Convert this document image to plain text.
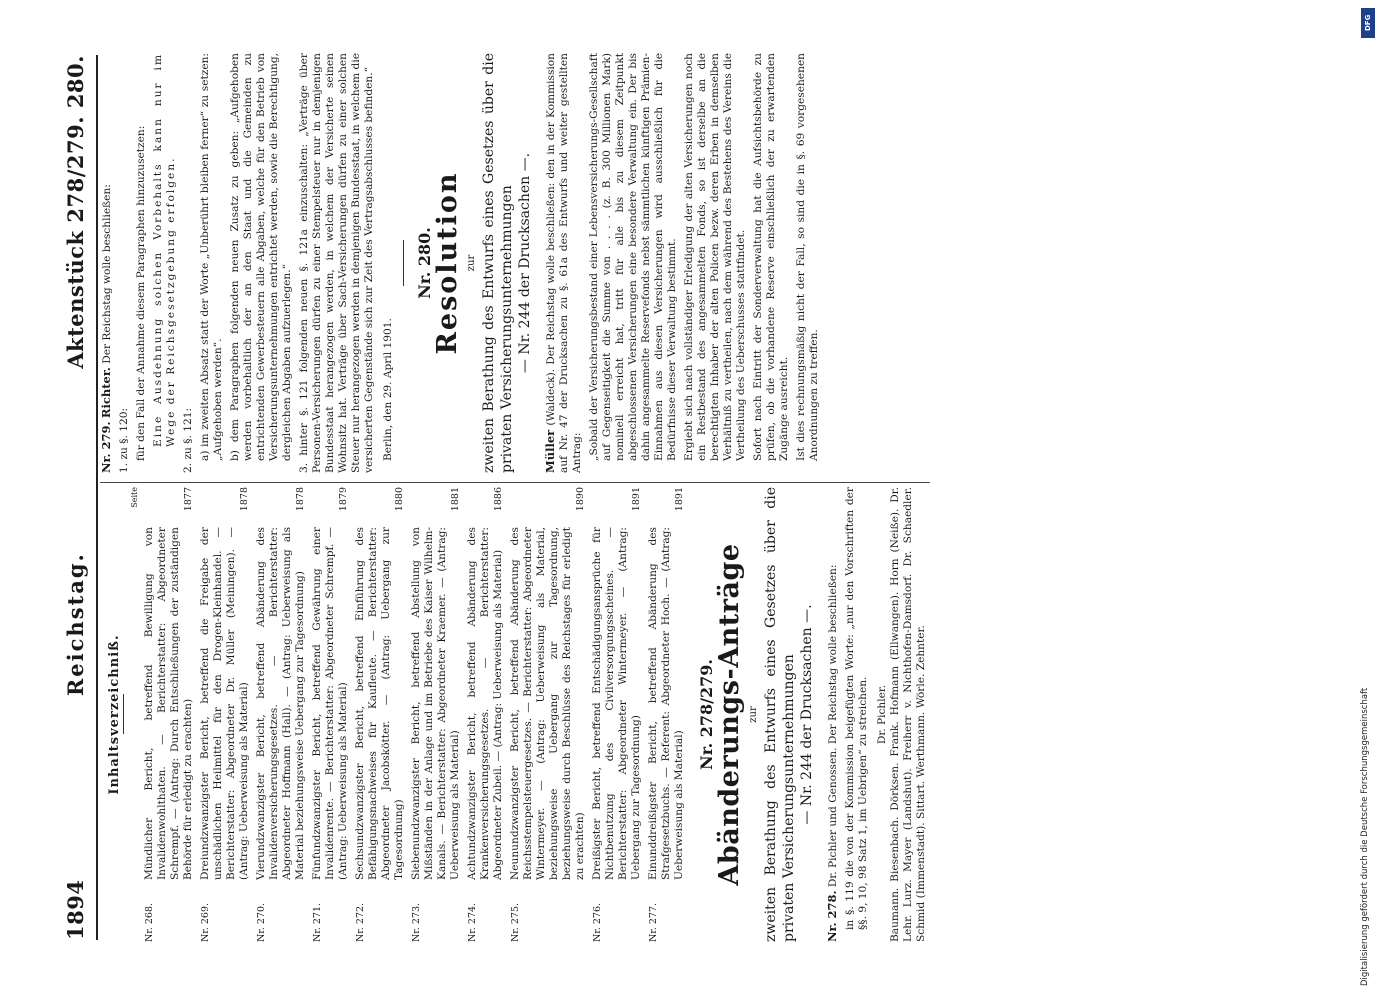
1894
Reichstag.
Aktenstück 278/279. 280.
Inhaltsverzeichniß.
Seite
Nr. 268.
Mündlicher Bericht, betreffend Bewilligung von Invalidenwohlthaten. — Berichterstatter: Abgeordneter Schrempf. — (Antrag: Durch Entschließungen der zuständigen Behörde für erledigt zu erachten)
1877
Nr. 269.
Dreiundzwanzigster Bericht, betreffend die Freigabe der unschädlichen Heilmittel für den Drogen-Kleinhandel. — Berichterstatter: Abgeordneter Dr. Müller (Meiningen). — (Antrag: Ueberweisung als Material)
1878
Nr. 270.
Vierundzwanzigster Bericht, betreffend Abänderung des Invalidenversicherungsgesetzes. — Berichterstatter: Abgeordneter Hoffmann (Hall). — (Antrag: Ueberweisung als Material beziehungsweise Uebergang zur Tagesordnung)
1878
Nr. 271.
Fünfundzwanzigster Bericht, betreffend Gewährung einer Invalidenrente. — Berichterstatter: Abgeordneter Schrempf. — (Antrag: Ueberweisung als Material)
1879
Nr. 272.
Sechsundzwanzigster Bericht, betreffend Einführung des Befähigungsnachweises für Kaufleute. — Berichterstatter: Abgeordneter Jacobskötter. — (Antrag: Uebergang zur Tagesordnung)
1880
Nr. 273.
Siebenundzwanzigster Bericht, betreffend Abstellung von Mißständen in der Anlage und im Betriebe des Kaiser Wilhelm-Kanals. — Berichterstatter: Abgeordneter Kraemer. — (Antrag: Ueberweisung als Material)
1881
Nr. 274.
Achtundzwanzigster Bericht, betreffend Abänderung des Krankenversicherungsgesetzes. — Berichterstatter: Abgeordneter Zubeil. — (Antrag: Ueberweisung als Material)
1886
Nr. 275.
Neunundzwanzigster Bericht, betreffend Abänderung des Reichsstempelsteuergesetzes. — Berichterstatter: Abgeordneter Wintermeyer. — (Antrag: Ueberweisung als Material, beziehungsweise Uebergang zur Tagesordnung, beziehungsweise durch Beschlüsse des Reichstages für erledigt zu erachten)
1890
Nr. 276.
Dreißigster Bericht, betreffend Entschädigungsansprüche für Nichtbenutzung des Civilversorgungsscheines. — Berichterstatter: Abgeordneter Wintermeyer. — (Antrag: Uebergang zur Tagesordnung)
1891
Nr. 277.
Einunddreißigster Bericht, betreffend Abänderung des Strafgesetzbuchs. — Referent: Abgeordneter Hoch. — (Antrag: Ueberweisung als Material)
1891
Nr. 278/279.
Abänderungs-Anträge zur zweiten Berathung des Entwurfs eines Gesetzes über die privaten Versicherungsunternehmungen — Nr. 244 der Drucksachen —.
Nr. 278. Dr. Pichler und Genossen. Der Reichstag wolle beschließen: in §. 119 die von der Kommission beigefügten Worte: „nur den Vorschriften der §§. 9, 10, 98 Satz 1, im Uebrigen“ zu streichen. Dr. Pichler. Baumann. Biesenbach. Dörksen. Frank. Hofmann (Ellwangen). Horn (Neiße). Dr. Lehr. Lurz. Mayer (Landshut). Freiherr v. Nichthofen-Damsdorf. Dr. Schaedler. Schmid (Immenstadt). Sittart. Werthmann. Wörle. Zehnter.
Nr. 279. Richter. Der Reichstag wolle beschließen:
1. zu §. 120: für den Fall der Annahme diesem Paragraphen hinzuzusetzen: Eine Ausdehnung solchen Vorbehalts kann nur im Wege der Reichsgesetzgebung erfolgen. 2. zu §. 121: a) im zweiten Absatz statt der Worte „Unberührt bleiben ferner“ zu setzen: „Aufgehoben werden“. b) dem Paragraphen folgenden neuen Zusatz zu geben: „Aufgehoben werden vorbehaltlich der an den Staat und die Gemeinden zu entrichtenden Gewerbesteuern alle Abgaben, welche für den Betrieb von Versicherungsunternehmungen entrichtet werden, sowie die Berechtigung, dergleichen Abgaben aufzuerlegen.“ 3. hinter §. 121 folgenden neuen §. 121a einzuschalten: „Verträge über Personen-Versicherungen dürfen zu einer Stempelsteuer nur in demjenigen Bundesstaat herangezogen werden, in welchem der Versicherte seinen Wohnsitz hat. Verträge über Sach-Versicherungen dürfen zu einer solchen Steuer nur herangezogen werden in demjenigen Bundesstaat, in welchem die versicherten Gegenstände sich zur Zeit des Vertragsabschlusses befinden.“ Berlin, den 29. April 1901.
Nr. 280.
Resolution zur zweiten Berathung des Entwurfs eines Gesetzes über die privaten Versicherungsunternehmungen — Nr. 244 der Drucksachen —.
Müller (Waldeck). Der Reichstag wolle beschließen: den in der Kommission auf Nr. 47 der Drucksachen zu §. 61a des Entwurfs und weiter gestellten Antrag: „Sobald der Versicherungsbestand einer Lebensversicherungs-Gesellschaft auf Gegenseitigkeit die Summe von . . . . (z. B. 300 Millionen Mark) nominell erreicht hat, tritt für alle bis zu diesem Zeitpunkt abgeschlossenen Versicherungen eine besondere Verwaltung ein. Der bis dahin angesammelte Reservefonds nebst sämmtlichen künftigen Prämien-Einnahmen aus diesen Versicherungen wird ausschließlich für die Bedürfnisse dieser Verwaltung bestimmt. Ergiebt sich nach vollständiger Erledigung der alten Versicherungen noch ein Restbestand des angesammelten Fonds, so ist derselbe an die berechtigten Inhaber der alten Policen bezw. deren Erben in demselben Verhältniß zu vertheilen, nach dem während des Bestehens des Vereins die Vertheilung des Ueberschusses stattfindet. Sofort nach Eintritt der Sonderverwaltung hat die Aufsichtsbehörde zu prüfen, ob die vorhandene Reserve einschließlich der zu erwartenden Zugänge ausreicht. Ist dies rechnungsmäßig nicht der Fall, so sind die in §. 69 vorgesehenen Anordnungen zu treffen.
DFG
Digitalisierung gefördert durch die Deutsche Forschungsgemeinschaft
